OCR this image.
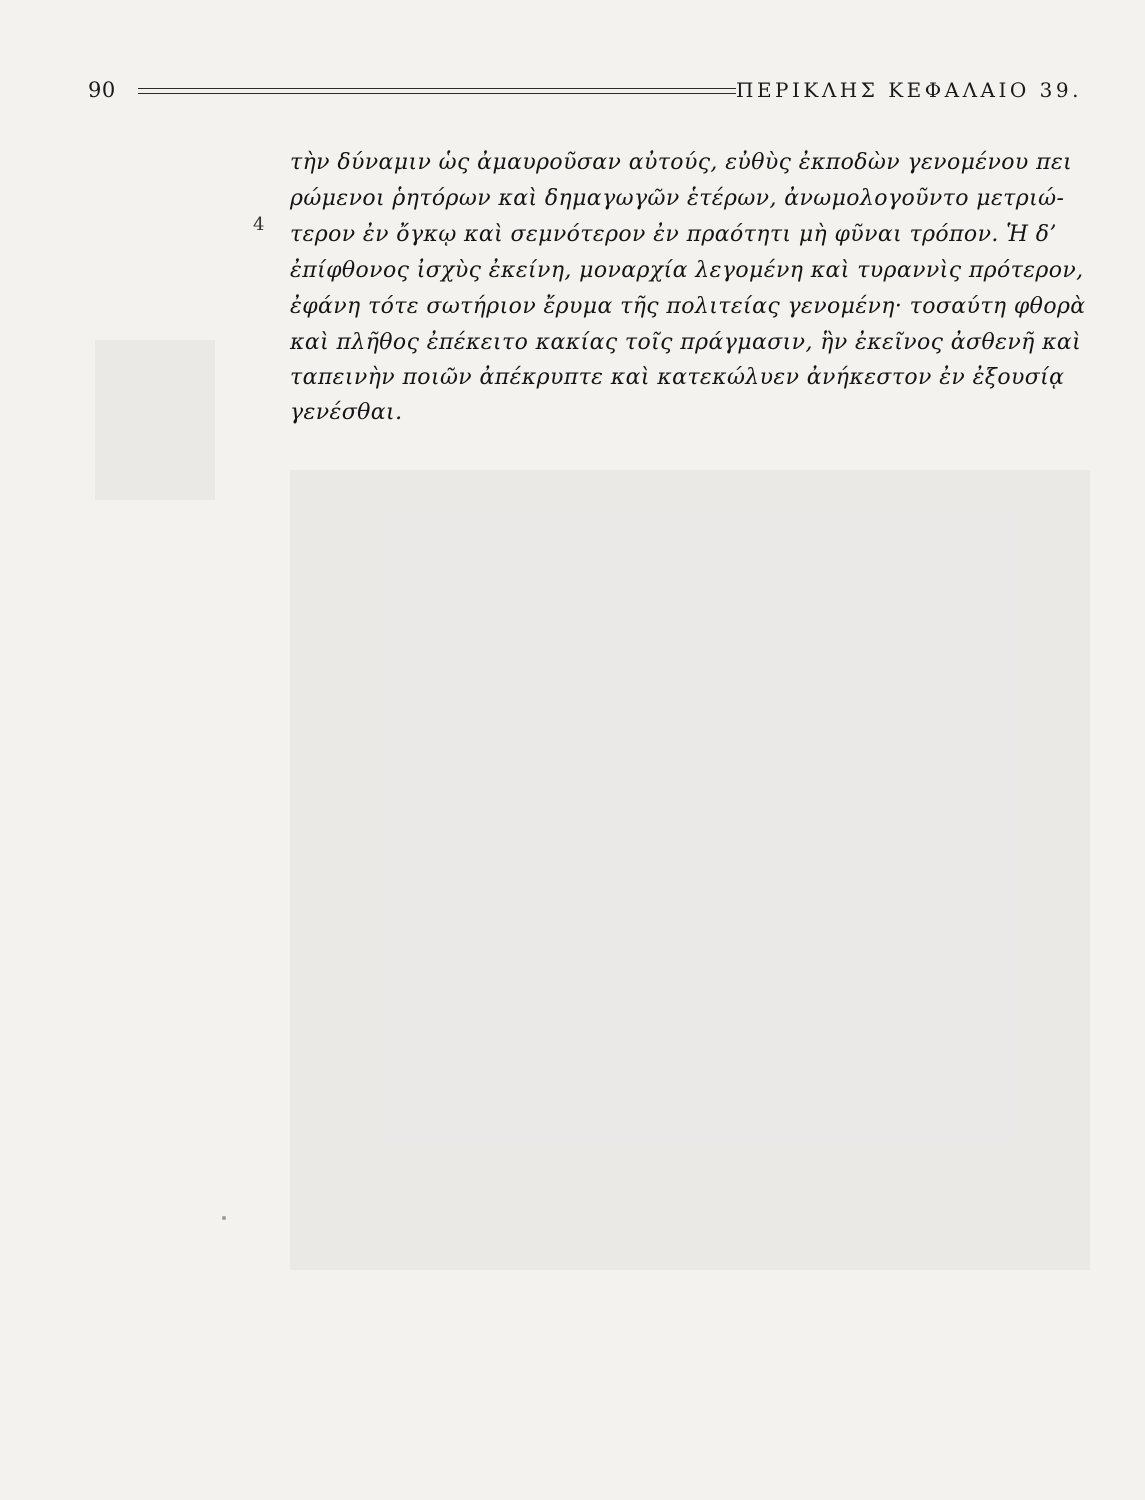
90	ΠΕΡΙΚΛΗΣ ΚΕΦΑΛΑΙΟ 39.
4
τὴν δύναμιν ὡς ἀμαυροῦσαν αὐτούς, εὐθὺς ἐκποδὼν γενομένου πει
ρώμενοι ῥητόρων καὶ δημαγωγῶν ἑτέρων, ἀνωμολογοῦντο μετριώ-
τερον ἐν ὄγκῳ καὶ σεμνότερον ἐν πραότητι μὴ φῦναι τρόπον. Ἡ δ’
ἐπίφθονος ἰσχὺς ἐκείνη, μοναρχία λεγομένη καὶ τυραννὶς πρότερον,
ἐφάνη τότε σωτήριον ἔρυμα τῆς πολιτείας γενομένη· τοσαύτη φθορὰ
καὶ πλῆθος ἐπέκειτο κακίας τοῖς πράγμασιν, ἣν ἐκεῖνος ἀσθενῆ καὶ
ταπεινὴν ποιῶν ἀπέκρυπτε καὶ κατεκώλυεν ἀνήκεστον ἐν ἐξουσίᾳ
γενέσθαι.
